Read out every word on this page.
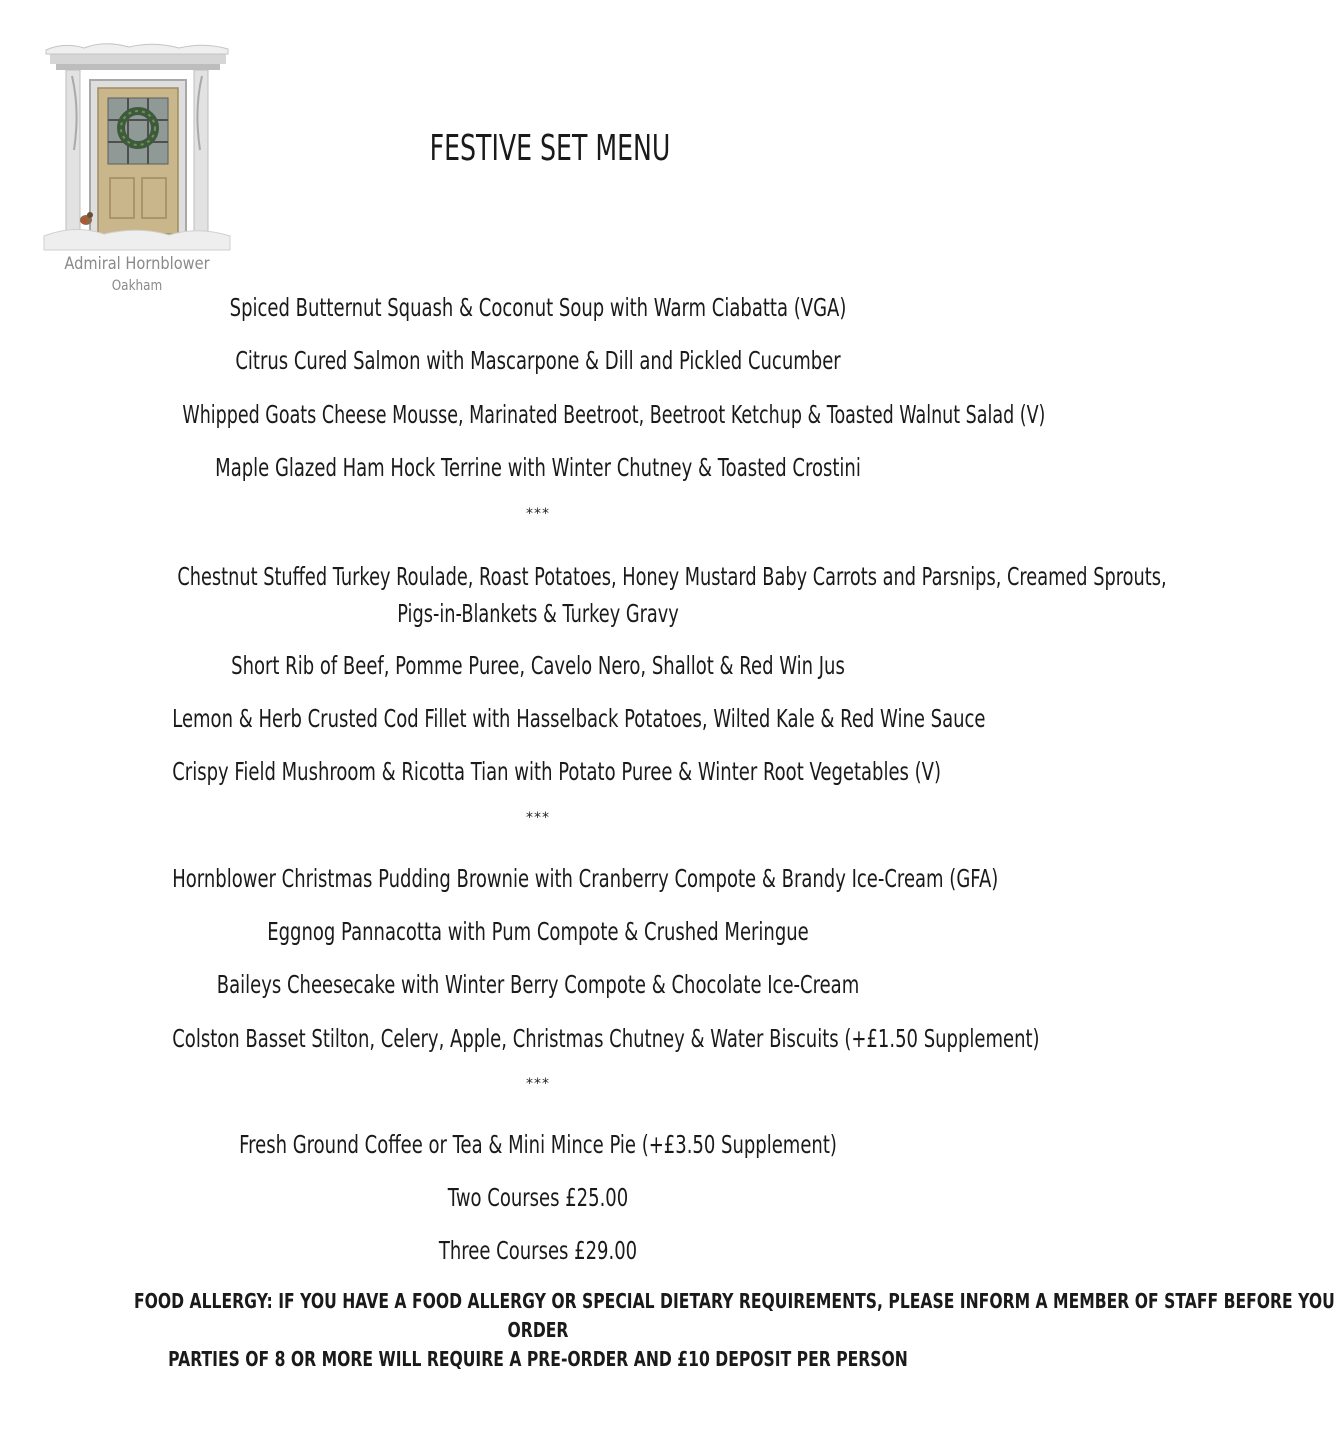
Admiral Hornblower
Oakham
FESTIVE SET MENU
Spiced Butternut Squash & Coconut Soup with Warm Ciabatta (VGA)
Citrus Cured Salmon with Mascarpone & Dill and Pickled Cucumber
Whipped Goats Cheese Mousse, Marinated Beetroot, Beetroot Ketchup & Toasted Walnut Salad (V)
Maple Glazed Ham Hock Terrine with Winter Chutney & Toasted Crostini
***
Chestnut Stuffed Turkey Roulade, Roast Potatoes, Honey Mustard Baby Carrots and Parsnips, Creamed Sprouts,
Pigs-in-Blankets & Turkey Gravy
Short Rib of Beef, Pomme Puree, Cavelo Nero, Shallot & Red Win Jus
Lemon & Herb Crusted Cod Fillet with Hasselback Potatoes, Wilted Kale & Red Wine Sauce
Crispy Field Mushroom & Ricotta Tian with Potato Puree & Winter Root Vegetables (V)
***
Hornblower Christmas Pudding Brownie with Cranberry Compote & Brandy Ice-Cream (GFA)
Eggnog Pannacotta with Pum Compote & Crushed Meringue
Baileys Cheesecake with Winter Berry Compote & Chocolate Ice-Cream
Colston Basset Stilton, Celery, Apple, Christmas Chutney & Water Biscuits (+£1.50 Supplement)
***
Fresh Ground Coffee or Tea & Mini Mince Pie (+£3.50 Supplement)
Two Courses £25.00
Three Courses £29.00
FOOD ALLERGY: IF YOU HAVE A FOOD ALLERGY OR SPECIAL DIETARY REQUIREMENTS, PLEASE INFORM A MEMBER OF STAFF BEFORE YOU
ORDER
PARTIES OF 8 OR MORE WILL REQUIRE A PRE-ORDER AND £10 DEPOSIT PER PERSON
